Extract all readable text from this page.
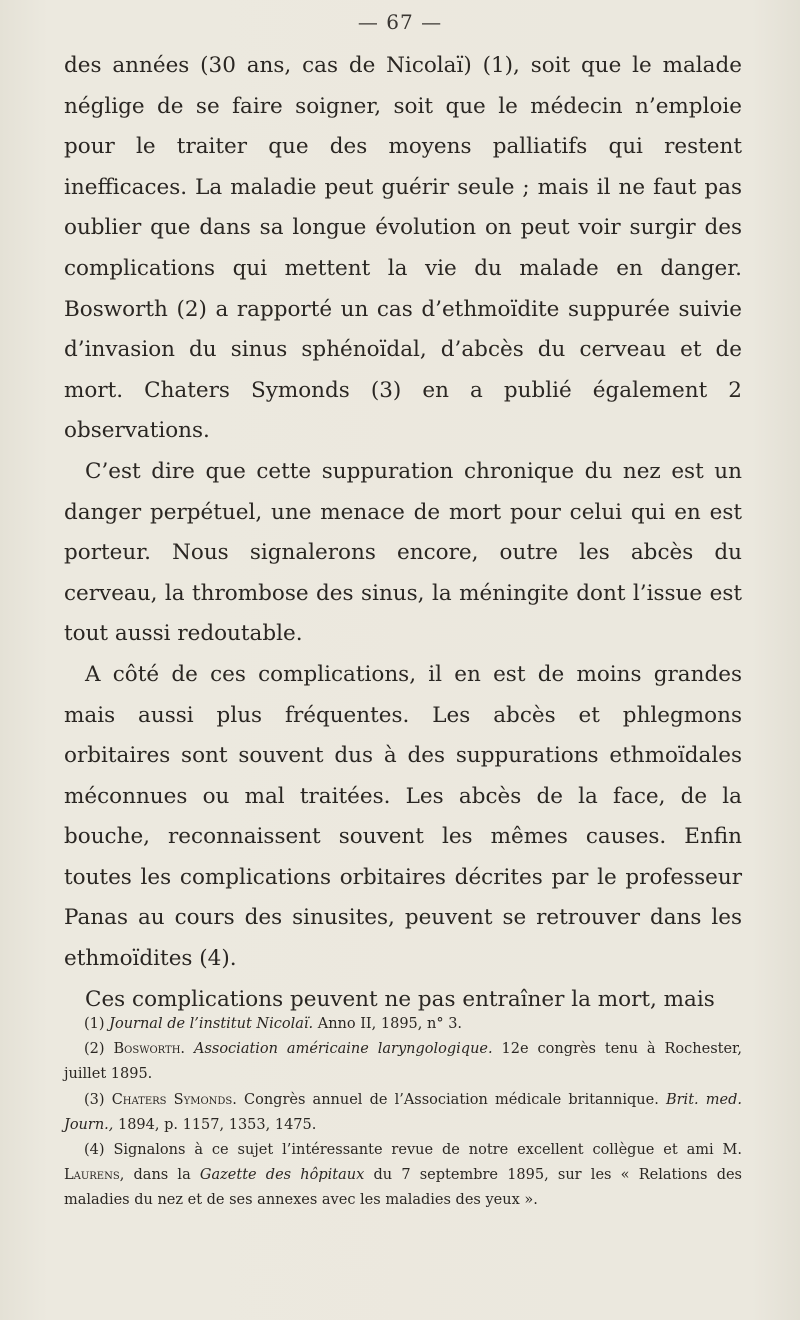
— 67 —

des années (30 ans, cas de Nicolaï) (1), soit que le malade néglige de se faire soigner, soit que le médecin n’emploie pour le traiter que des moyens palliatifs qui restent inefficaces. La maladie peut guérir seule ; mais il ne faut pas oublier que dans sa longue évolution on peut voir surgir des complications qui mettent la vie du malade en danger. Bosworth (2) a rapporté un cas d’ethmoïdite suppurée suivie d’invasion du sinus sphénoïdal, d’abcès du cerveau et de mort. Chaters Symonds (3) en a publié également 2 observations.

C’est dire que cette suppuration chronique du nez est un danger perpétuel, une menace de mort pour celui qui en est porteur. Nous signalerons encore, outre les abcès du cerveau, la thrombose des sinus, la méningite dont l’issue est tout aussi redoutable.

A côté de ces complications, il en est de moins grandes mais aussi plus fréquentes. Les abcès et phlegmons orbitaires sont souvent dus à des suppurations ethmoïdales méconnues ou mal traitées. Les abcès de la face, de la bouche, reconnaissent souvent les mêmes causes. Enfin toutes les complications orbitaires décrites par le professeur Panas au cours des sinusites, peuvent se retrouver dans les ethmoïdites (4).

Ces complications peuvent ne pas entraîner la mort, mais

(1) Journal de l’institut Nicolaï. Anno II, 1895, n° 3.

(2) Bosworth. Association américaine laryngologique. 12e congrès tenu à Rochester, juillet 1895.

(3) Chaters Symonds. Congrès annuel de l’Association médicale britannique. Brit. med. Journ., 1894, p. 1157, 1353, 1475.

(4) Signalons à ce sujet l’intéressante revue de notre excellent collègue et ami M. Laurens, dans la Gazette des hôpitaux du 7 septembre 1895, sur les « Relations des maladies du nez et de ses annexes avec les maladies des yeux ».
